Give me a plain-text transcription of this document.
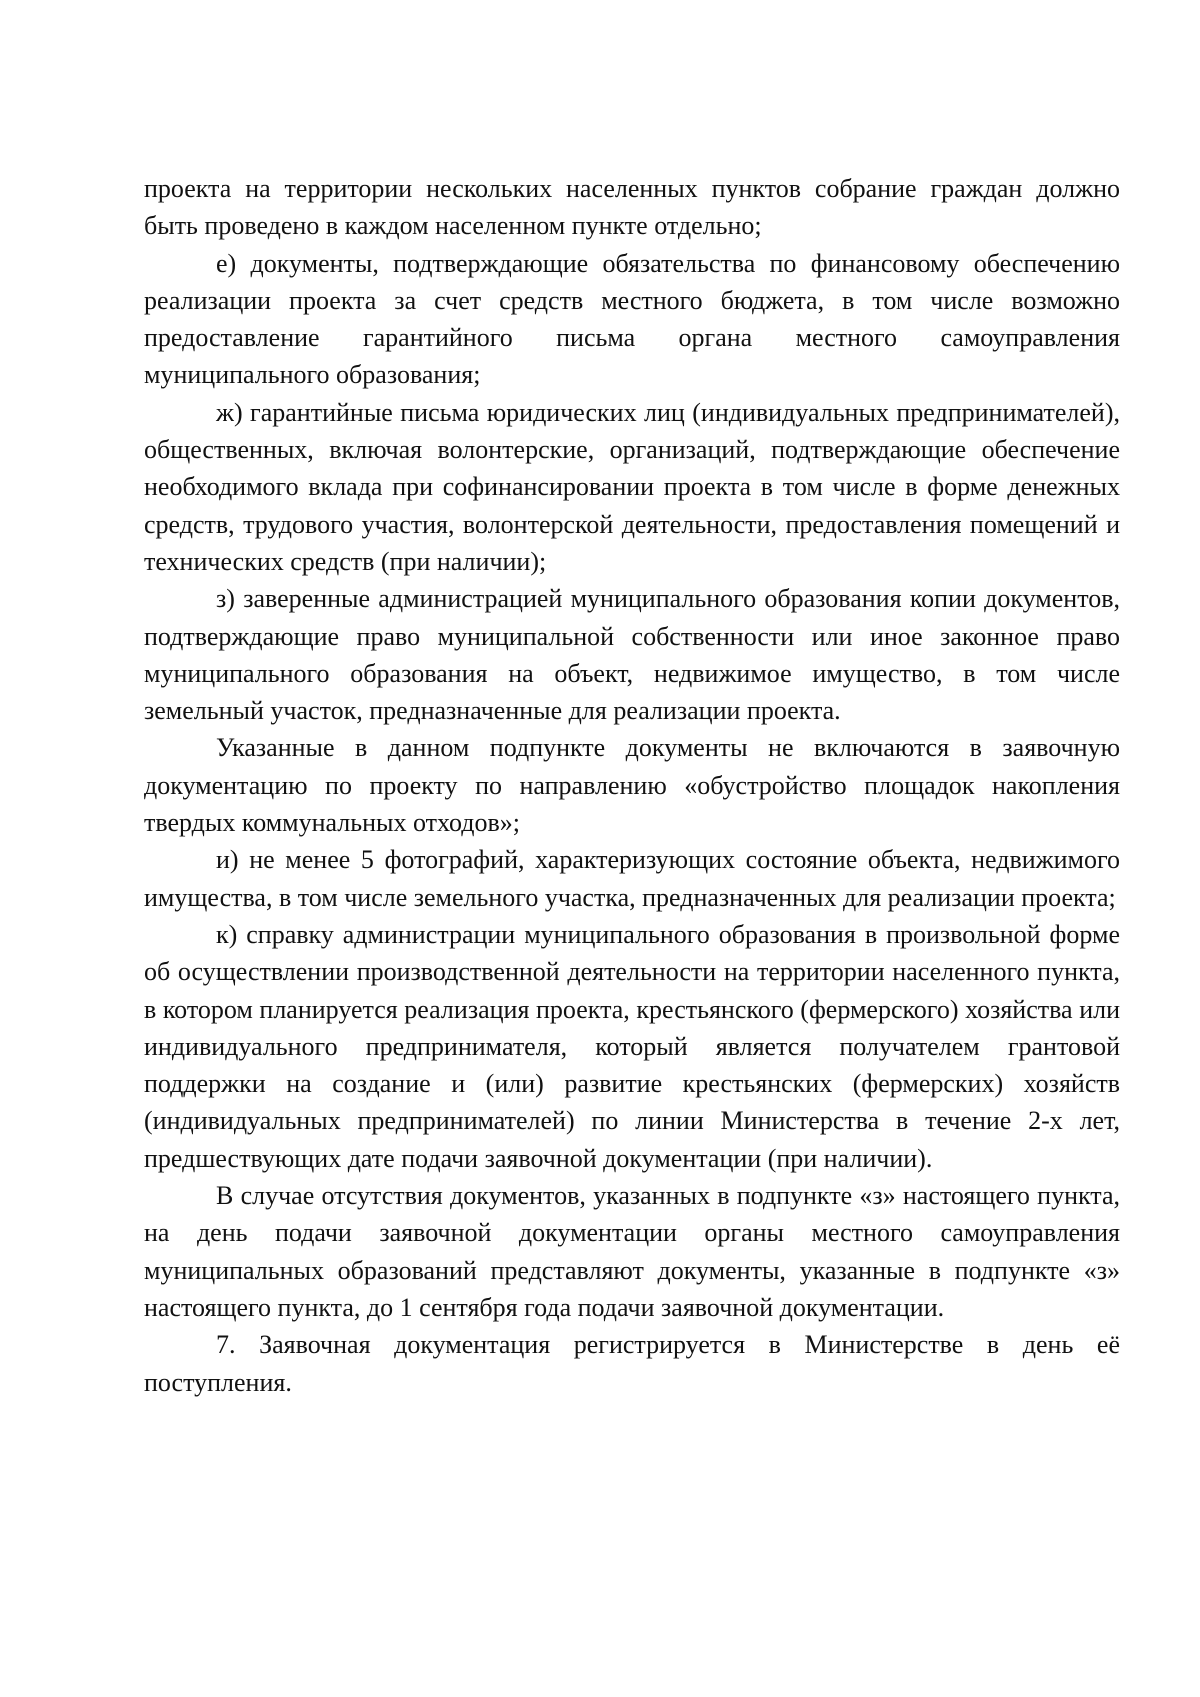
проекта на территории нескольких населенных пунктов собрание граждан должно быть проведено в каждом населенном пункте отдельно;

е) документы, подтверждающие обязательства по финансовому обеспечению реализации проекта за счет средств местного бюджета, в том числе возможно предоставление гарантийного письма органа местного самоуправления муниципального образования;

ж) гарантийные письма юридических лиц (индивидуальных предпринимателей), общественных, включая волонтерские, организаций, подтверждающие обеспечение необходимого вклада при софинансировании проекта в том числе в форме денежных средств, трудового участия, волонтерской деятельности, предоставления помещений и технических средств (при наличии);

з) заверенные администрацией муниципального образования копии документов, подтверждающие право муниципальной собственности или иное законное право муниципального образования на объект, недвижимое имущество, в том числе земельный участок, предназначенные для реализации проекта.

Указанные в данном подпункте документы не включаются в заявочную документацию по проекту по направлению «обустройство площадок накопления твердых коммунальных отходов»;

и) не менее 5 фотографий, характеризующих состояние объекта, недвижимого имущества, в том числе земельного участка, предназначенных для реализации проекта;

к) справку администрации муниципального образования в произвольной форме об осуществлении производственной деятельности на территории населенного пункта, в котором планируется реализация проекта, крестьянского (фермерского) хозяйства или индивидуального предпринимателя, который является получателем грантовой поддержки на создание и (или) развитие крестьянских (фермерских) хозяйств (индивидуальных предпринимателей) по линии Министерства в течение 2-х лет, предшествующих дате подачи заявочной документации (при наличии).

В случае отсутствия документов, указанных в подпункте «з» настоящего пункта, на день подачи заявочной документации органы местного самоуправления муниципальных образований представляют документы, указанные в подпункте «з» настоящего пункта, до 1 сентября года подачи заявочной документации.

7. Заявочная документация регистрируется в Министерстве в день её поступления.
